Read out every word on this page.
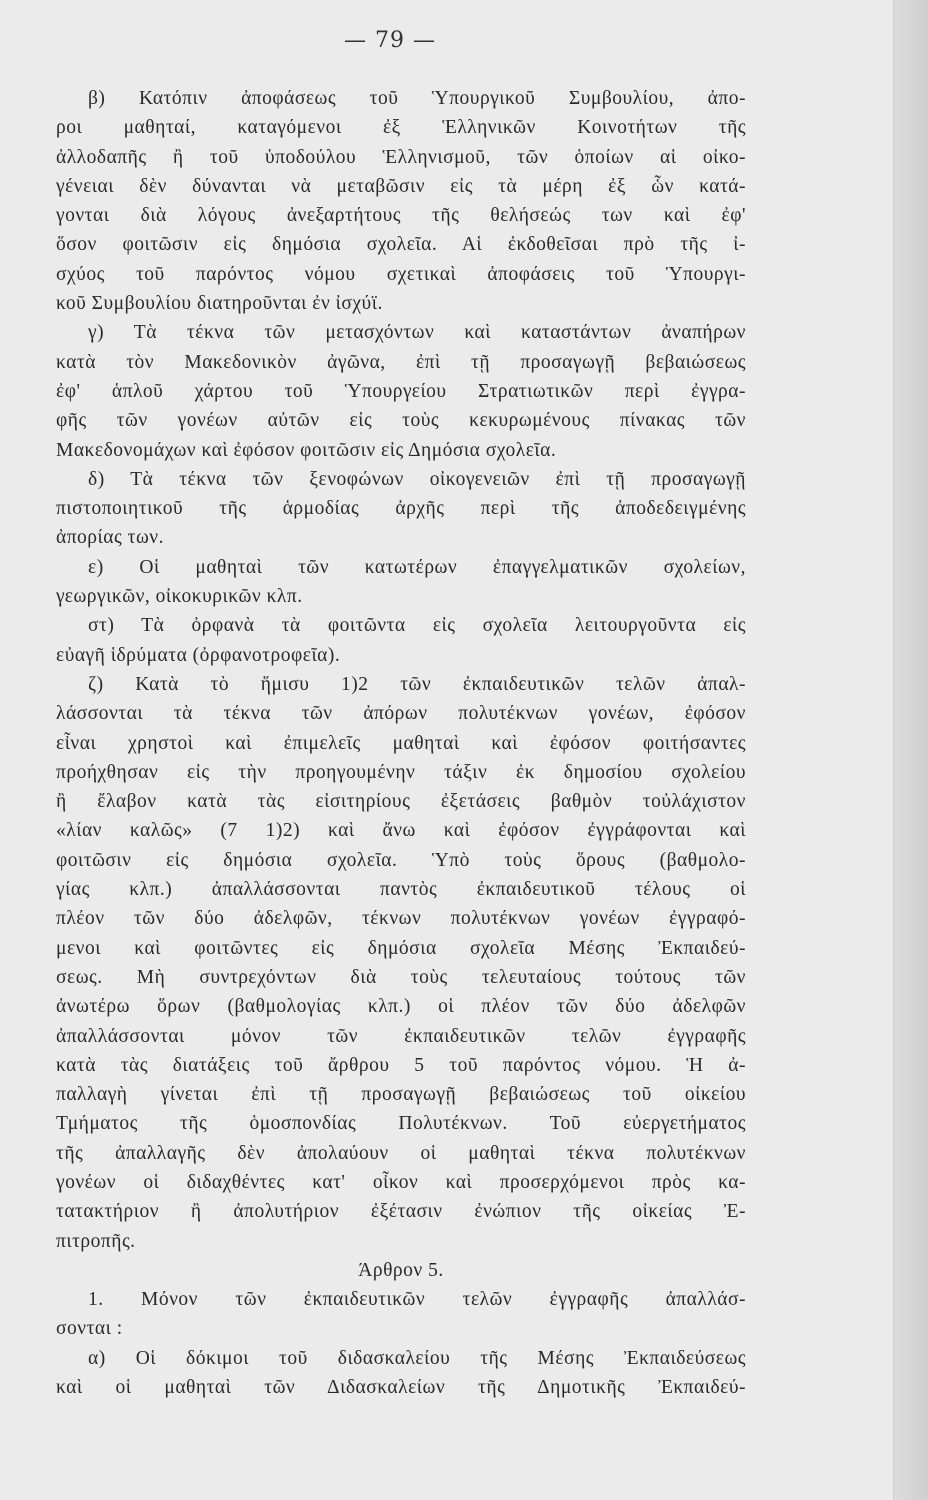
— 79 —
β) Κατόπιν ἀποφάσεως τοῦ Ὑπουργικοῦ Συμβουλίου, ἀπο-
ροι μαθηταί, καταγόμενοι ἐξ Ἑλληνικῶν Κοινοτήτων τῆς
ἀλλοδαπῆς ἢ τοῦ ὑποδούλου Ἑλληνισμοῦ, τῶν ὁποίων αἱ οἰκο-
γένειαι δὲν δύνανται νὰ μεταβῶσιν εἰς τὰ μέρη ἐξ ὧν κατά-
γονται διὰ λόγους ἀνεξαρτήτους τῆς θελήσεώς των καὶ ἐφ'
ὅσον φοιτῶσιν εἰς δημόσια σχολεῖα. Αἱ ἐκδοθεῖσαι πρὸ τῆς ἰ-
σχύος τοῦ παρόντος νόμου σχετικαὶ ἀποφάσεις τοῦ Ὑπουργι-
κοῦ Συμβουλίου διατηροῦνται ἐν ἰσχύϊ.
γ) Τὰ τέκνα τῶν μετασχόντων καὶ καταστάντων ἀναπήρων
κατὰ τὸν Μακεδονικὸν ἀγῶνα, ἐπὶ τῇ προσαγωγῇ βεβαιώσεως
ἐφ' ἁπλοῦ χάρτου τοῦ Ὑπουργείου Στρατιωτικῶν περὶ ἐγγρα-
φῆς τῶν γονέων αὐτῶν εἰς τοὺς κεκυρωμένους πίνακας τῶν
Μακεδονομάχων καὶ ἐφόσον φοιτῶσιν εἰς Δημόσια σχολεῖα.
δ) Τὰ τέκνα τῶν ξενοφώνων οἰκογενειῶν ἐπὶ τῇ προσαγωγῇ
πιστοποιητικοῦ τῆς ἁρμοδίας ἀρχῆς περὶ τῆς ἀποδεδειγμένης
ἀπορίας των.
ε) Οἱ μαθηταὶ τῶν κατωτέρων ἐπαγγελματικῶν σχολείων,
γεωργικῶν, οἰκοκυρικῶν κλπ.
στ) Τὰ ὀρφανὰ τὰ φοιτῶντα εἰς σχολεῖα λειτουργοῦντα εἰς
εὐαγῆ ἱδρύματα (ὀρφανοτροφεῖα).
ζ) Κατὰ τὸ ἥμισυ 1)2 τῶν ἐκπαιδευτικῶν τελῶν ἀπαλ-
λάσσονται τὰ τέκνα τῶν ἀπόρων πολυτέκνων γονέων, ἐφόσον
εἶναι χρηστοὶ καὶ ἐπιμελεῖς μαθηταὶ καὶ ἐφόσον φοιτήσαντες
προήχθησαν εἰς τὴν προηγουμένην τάξιν ἐκ δημοσίου σχολείου
ἢ ἔλαβον κατὰ τὰς εἰσιτηρίους ἐξετάσεις βαθμὸν τοὐλάχιστον
«λίαν καλῶς» (7 1)2) καὶ ἄνω καὶ ἐφόσον ἐγγράφονται καὶ
φοιτῶσιν εἰς δημόσια σχολεῖα. Ὑπὸ τοὺς ὅρους (βαθμολο-
γίας κλπ.) ἀπαλλάσσονται παντὸς ἐκπαιδευτικοῦ τέλους οἱ
πλέον τῶν δύο ἀδελφῶν, τέκνων πολυτέκνων γονέων ἐγγραφό-
μενοι καὶ φοιτῶντες εἰς δημόσια σχολεῖα Μέσης Ἐκπαιδεύ-
σεως. Μὴ συντρεχόντων διὰ τοὺς τελευταίους τούτους τῶν
ἀνωτέρω ὅρων (βαθμολογίας κλπ.) οἱ πλέον τῶν δύο ἀδελφῶν
ἀπαλλάσσονται μόνον τῶν ἐκπαιδευτικῶν τελῶν ἐγγραφῆς
κατὰ τὰς διατάξεις τοῦ ἄρθρου 5 τοῦ παρόντος νόμου. Ἡ ἀ-
παλλαγὴ γίνεται ἐπὶ τῇ προσαγωγῇ βεβαιώσεως τοῦ οἰκείου
Τμήματος τῆς ὁμοσπονδίας Πολυτέκνων. Τοῦ εὐεργετήματος
τῆς ἀπαλλαγῆς δὲν ἀπολαύουν οἱ μαθηταὶ τέκνα πολυτέκνων
γονέων οἱ διδαχθέντες κατ' οἶκον καὶ προσερχόμενοι πρὸς κα-
τατακτήριον ἢ ἀπολυτήριον ἐξέτασιν ἐνώπιον τῆς οἰκείας Ἐ-
πιτροπῆς.
Άρθρον 5.
1. Μόνον τῶν ἐκπαιδευτικῶν τελῶν ἐγγραφῆς ἀπαλλάσ-
σονται :
α) Οἱ δόκιμοι τοῦ διδασκαλείου τῆς Μέσης Ἐκπαιδεύσεως
καὶ οἱ μαθηταὶ τῶν Διδασκαλείων τῆς Δημοτικῆς Ἐκπαιδεύ-
